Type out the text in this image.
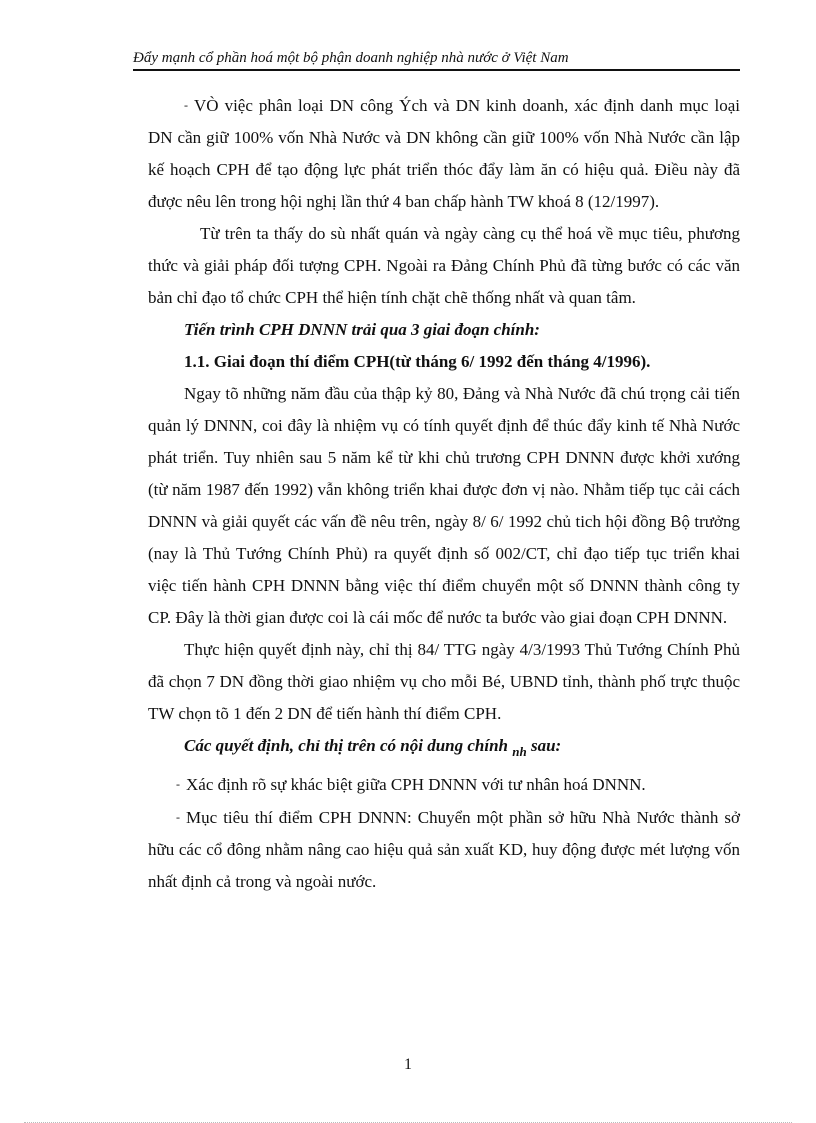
Đẩy mạnh cổ phần hoá một bộ phận doanh nghiệp nhà nước ở Việt Nam

- VÒ việc phân loại DN công Ých và DN kinh doanh, xác định danh mục loại DN cần giữ 100% vốn Nhà Nước và DN không cần giữ 100% vốn Nhà Nước cần lập kế hoạch CPH để tạo động lực phát triển thóc đẩy làm ăn có hiệu quả. Điều này đã được nêu lên trong hội nghị lần thứ 4 ban chấp hành TW khoá 8 (12/1997).

Từ trên ta thấy do sù nhất quán và ngày càng cụ thể hoá về mục tiêu, phương thức và giải pháp đối tượng CPH. Ngoài ra Đảng Chính Phủ đã từng bước có các văn bản chỉ đạo tổ chức CPH thể hiện tính chặt chẽ thống nhất và quan tâm.

Tiến trình CPH DNNN trải qua 3 giai đoạn chính:

1.1. Giai đoạn thí điểm CPH(từ tháng 6/ 1992 đến tháng 4/1996).

Ngay tõ những năm đầu của thập kỷ 80, Đảng và Nhà Nước đã chú trọng cải tiến quản lý DNNN, coi đây là nhiệm vụ có tính quyết định để thúc đẩy kinh tế Nhà Nước phát triển. Tuy nhiên sau 5 năm kể từ khi chủ trương CPH DNNN được khởi xướng (từ năm 1987 đến 1992) vẫn không triển khai được đơn vị nào. Nhằm tiếp tục cải cách DNNN và giải quyết các vấn đề nêu trên, ngày 8/ 6/ 1992 chủ tich hội đồng Bộ trưởng (nay là Thủ Tướng Chính Phủ) ra quyết định số 002/CT, chỉ đạo tiếp tục triển khai việc tiến hành CPH DNNN bằng việc thí điểm chuyển một số DNNN thành công ty CP. Đây là thời gian được coi là cái mốc để nước ta bước vào giai đoạn CPH DNNN.

Thực hiện quyết định này, chỉ thị 84/ TTG ngày 4/3/1993 Thủ Tướng Chính Phủ đã chọn 7 DN đồng thời giao nhiệm vụ cho mỗi Bé, UBND tỉnh, thành phố trực thuộc TW chọn tõ 1 đến 2 DN để tiến hành thí điểm CPH.

Các quyết định, chỉ thị trên có nội dung chính $_{nh}$ sau:

- Xác định rõ sự khác biệt giữa CPH DNNN với tư nhân hoá DNNN.

- Mục tiêu thí điểm CPH DNNN: Chuyển một phần sở hữu Nhà Nước thành sở hữu các cổ đông nhằm nâng cao hiệu quả sản xuất KD, huy động được mét lượng vốn nhất định cả trong và ngoài nước.

1
